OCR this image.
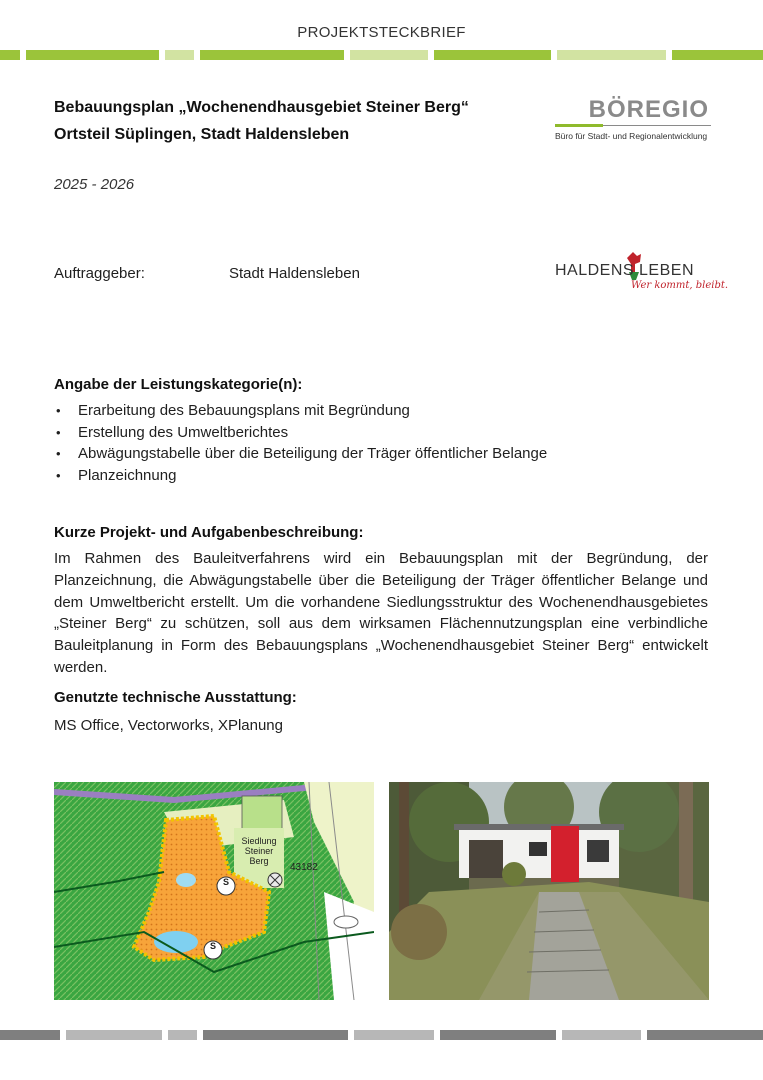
PROJEKTSTECKBRIEF
Bebauungsplan „Wochenendhausgebiet Steiner Berg“
Ortsteil Süplingen, Stadt Haldensleben
BÖREGIO
Büro für Stadt- und Regionalentwicklung
2025 - 2026
Auftraggeber:	Stadt Haldensleben	HALDENS LEBEN
Wer kommt, bleibt.
Angabe der Leistungskategorie(n):
• Erarbeitung des Bebauungsplans mit Begründung
• Erstellung des Umweltberichtes
• Abwägungstabelle über die Beteiligung der Träger öffentlicher Belange
• Planzeichnung
Kurze Projekt- und Aufgabenbeschreibung:

Im Rahmen des Bauleitverfahrens wird ein Bebauungsplan mit der Begründung, der Planzeichnung, die Abwägungstabelle über die Beteiligung der Träger öffentlicher Belange und dem Umweltbericht erstellt. Um die vorhandene Siedlungsstruktur des Wochenendhausgebietes „Steiner Berg“ zu schützen, soll aus dem wirksamen Flächennutzungsplan eine verbindliche Bauleitplanung in Form des Bebauungsplans „Wochenendhausgebiet Steiner Berg“ entwickelt werden.

Genutzte technische Ausstattung:
MS Office, Vectorworks, XPlanung
Siedlung
Steiner
Berg
43182
S
S
